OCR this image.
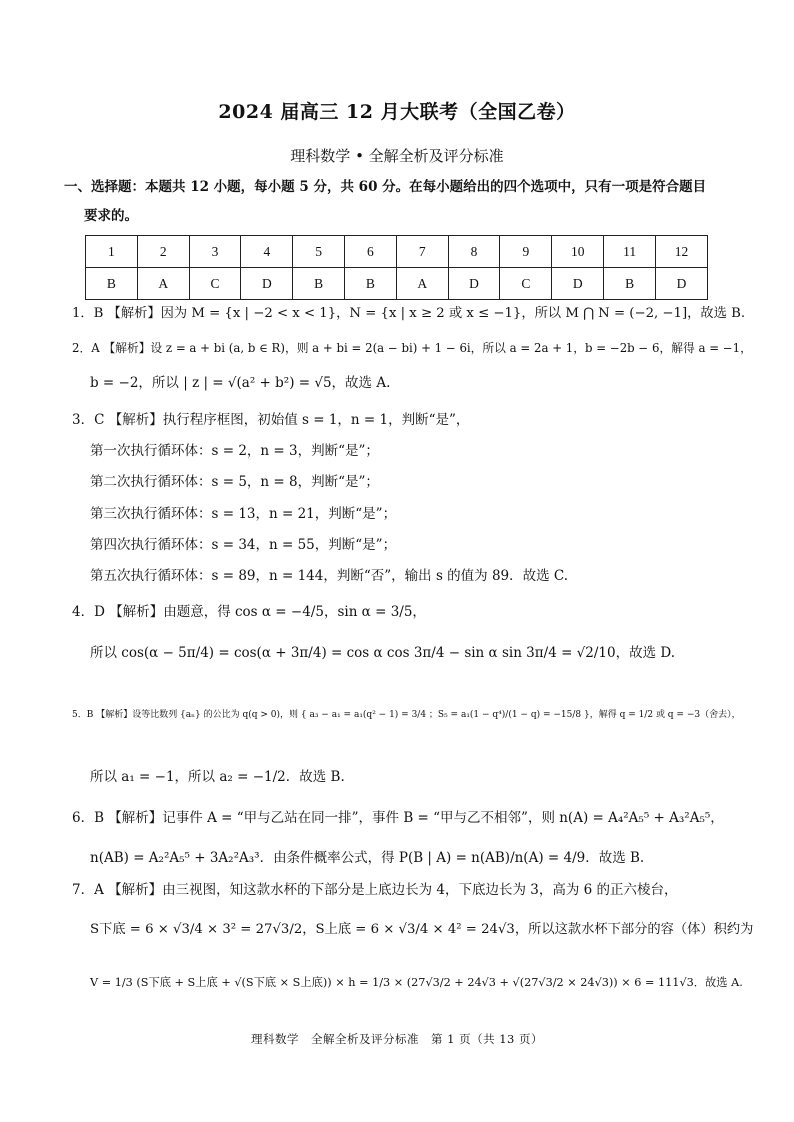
2024 届高三 12 月大联考（全国乙卷）
理科数学 • 全解全析及评分标准
一、选择题：本题共 12 小题，每小题 5 分，共 60 分。在每小题给出的四个选项中，只有一项是符合题目
要求的。
1	2	3	4	5	6	7	8	9	10	11	12
B	A	C	D	B	B	A	D	C	D	B	D
1．B 【解析】因为 M = {x | −2 < x < 1}，N = {x | x ≥ 2 或 x ≤ −1}，所以 M ⋂ N = (−2, −1]，故选 B.
2．A 【解析】设 z = a + bi (a, b ∈ R)，则 a + bi = 2(a − bi) + 1 − 6i，所以 a = 2a + 1，b = −2b − 6，解得 a = −1，
b = −2，所以 | z | = √(a² + b²) = √5，故选 A.
3．C 【解析】执行程序框图，初始值 s = 1，n = 1，判断“是”，
第一次执行循环体：s = 2，n = 3，判断“是”；
第二次执行循环体：s = 5，n = 8，判断“是”；
第三次执行循环体：s = 13，n = 21，判断“是”；
第四次执行循环体：s = 34，n = 55，判断“是”；
第五次执行循环体：s = 89，n = 144，判断“否”，输出 s 的值为 89．故选 C.
4．D 【解析】由题意，得 cos α = −4/5，sin α = 3/5，
所以 cos(α − 5π/4) = cos(α + 3π/4) = cos α cos 3π/4 − sin α sin 3π/4 = √2/10，故选 D.
5．B 【解析】设等比数列 {aₙ} 的公比为 q(q > 0)，则 { a₃ − a₁ = a₁(q² − 1) = 3/4 ；S₅ = a₁(1 − q⁴)/(1 − q) = −15/8 }，解得 q = 1/2 或 q = −3（舍去），
所以 a₁ = −1，所以 a₂ = −1/2．故选 B.
6．B 【解析】记事件 A = “甲与乙站在同一排”，事件 B = “甲与乙不相邻”，则 n(A) = A₄²A₅⁵ + A₃²A₅⁵，
n(AB) = A₂²A₅⁵ + 3A₂²A₃³．由条件概率公式，得 P(B | A) = n(AB)/n(A) = 4/9．故选 B.
7．A 【解析】由三视图，知这款水杯的下部分是上底边长为 4，下底边长为 3，高为 6 的正六棱台，
S下底 = 6 × √3/4 × 3² = 27√3/2，S上底 = 6 × √3/4 × 4² = 24√3，所以这款水杯下部分的容（体）积约为
V = 1/3 (S下底 + S上底 + √(S下底 × S上底)) × h = 1/3 × (27√3/2 + 24√3 + √(27√3/2 × 24√3)) × 6 = 111√3．故选 A.
理科数学　全解全析及评分标准　第 1 页（共 13 页）
